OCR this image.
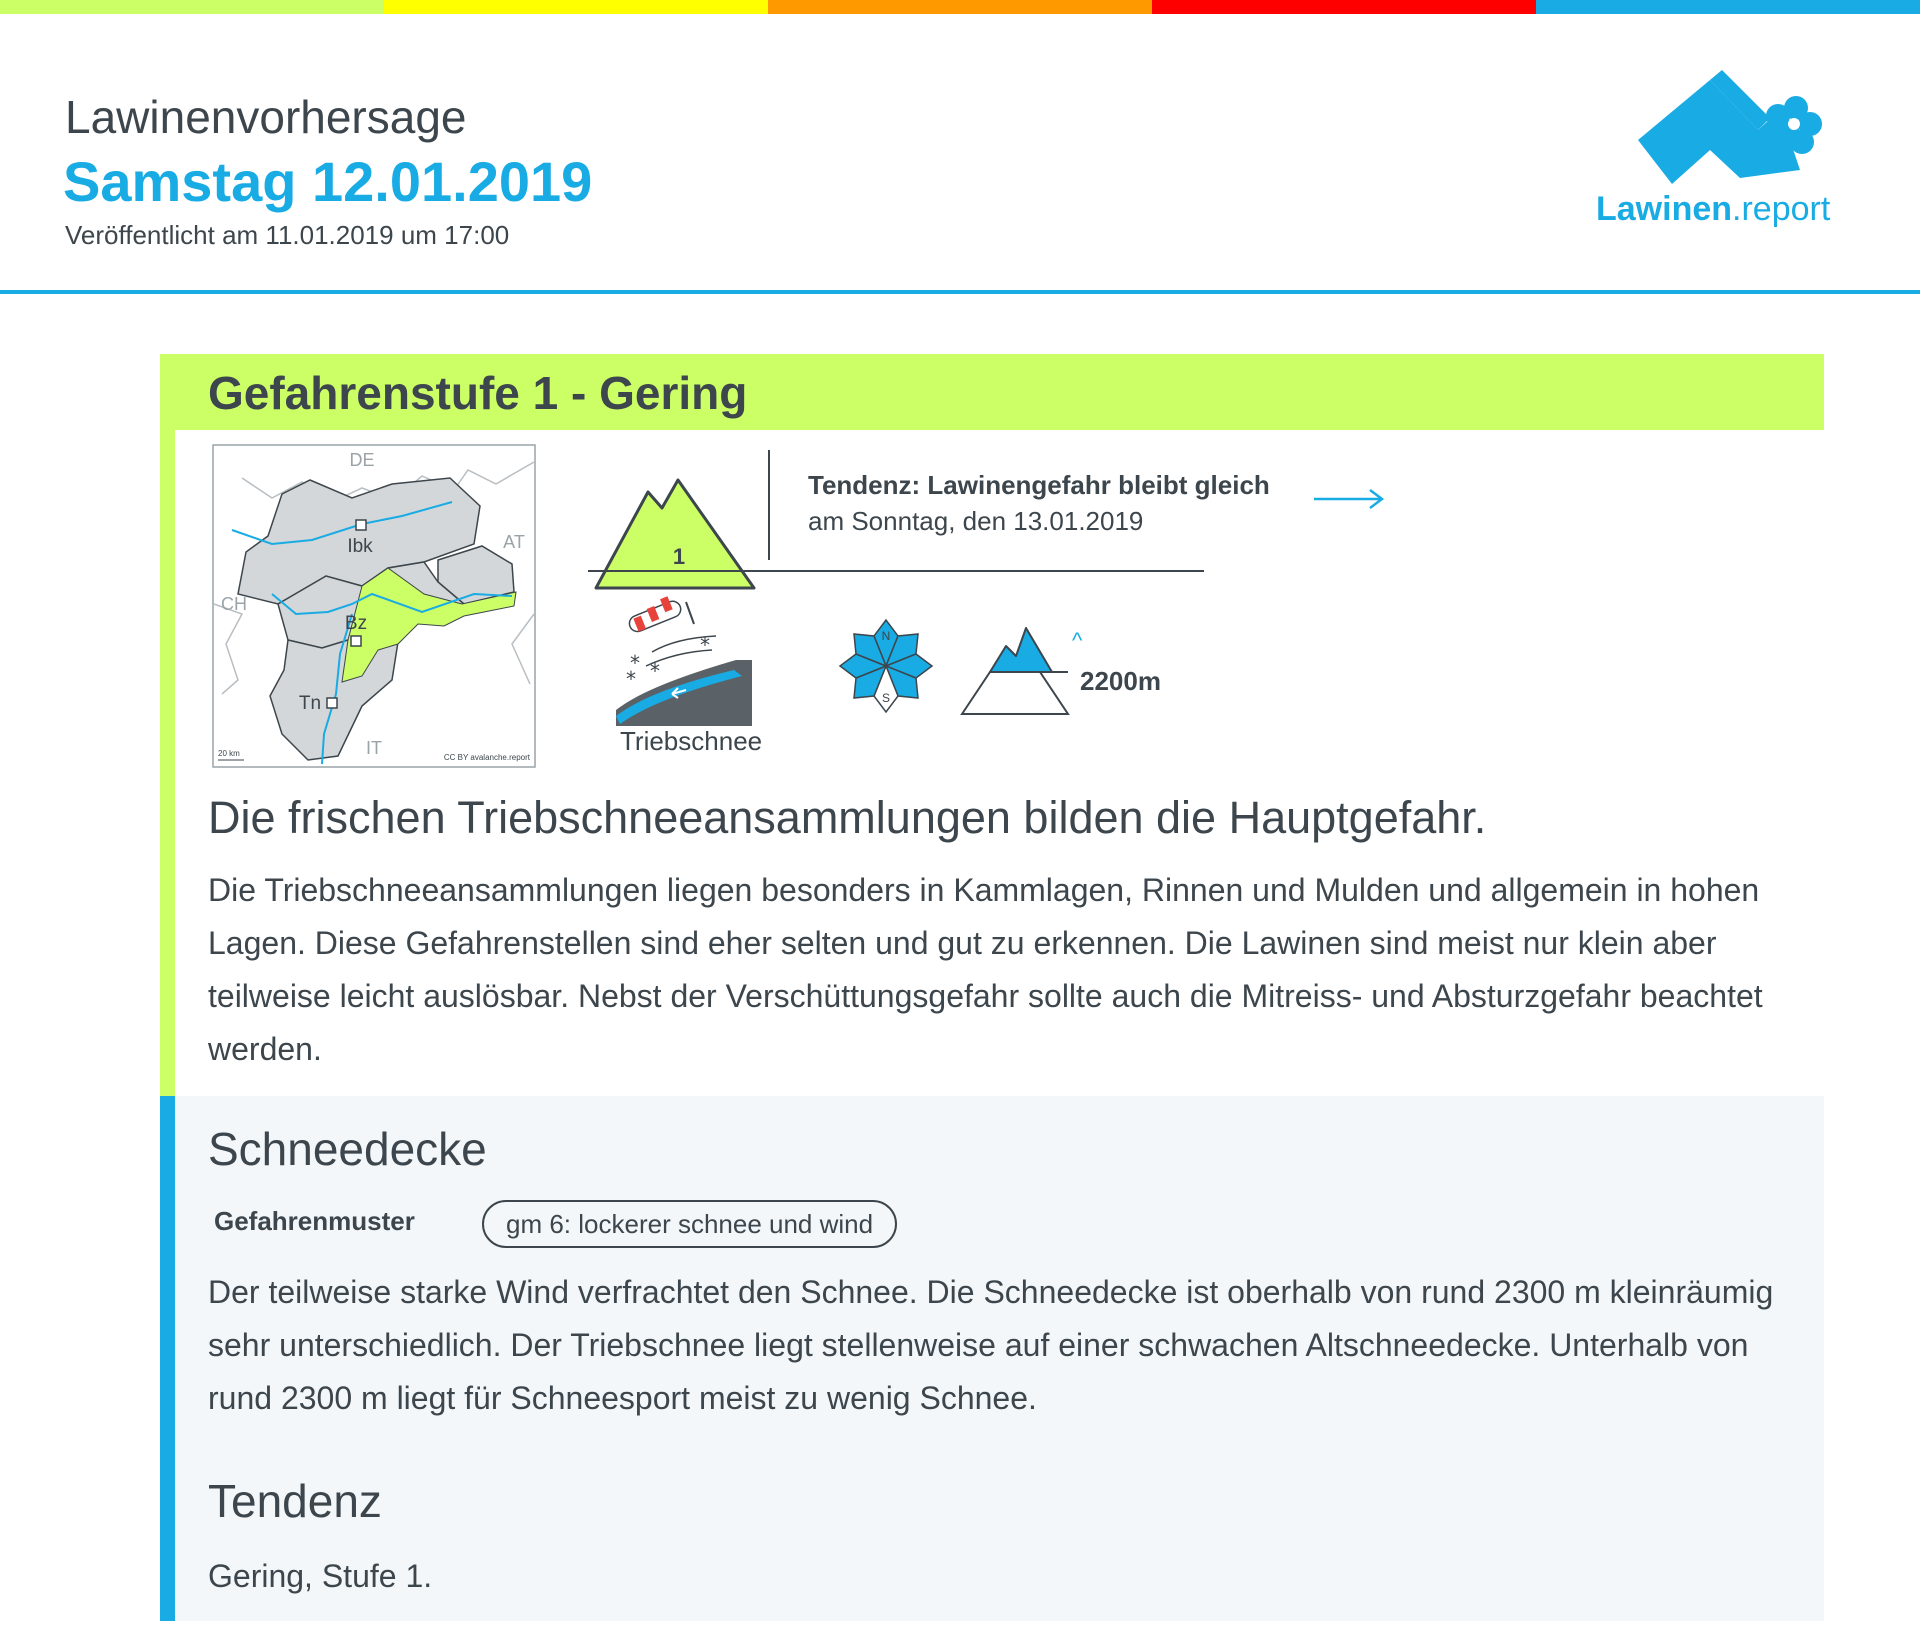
Lawinenvorhersage
Samstag 12.01.2019
Veröffentlicht am 11.01.2019 um 17:00
Lawinen.report
Gefahrenstufe 1 - Gering
DE
AT
CH
IT
Ibk
Bz
Tn
20 km	CC BY avalanche.report
1
Tendenz: Lawinengefahr bleibt gleich
am Sonntag, den 13.01.2019
*
* *
*
Triebschnee
N
S
^
2200m
Die frischen Triebschneeansammlungen bilden die Hauptgefahr.
Die Triebschneeansammlungen liegen besonders in Kammlagen, Rinnen und Mulden und allgemein in hohen Lagen. Diese Gefahrenstellen sind eher selten und gut zu erkennen. Die Lawinen sind meist nur klein aber teilweise leicht auslösbar. Nebst der Verschüttungsgefahr sollte auch die Mitreiss- und Absturzgefahr beachtet werden.
Schneedecke
Gefahrenmuster	gm 6: lockerer schnee und wind
Der teilweise starke Wind verfrachtet den Schnee. Die Schneedecke ist oberhalb von rund 2300 m kleinräumig sehr unterschiedlich. Der Triebschnee liegt stellenweise auf einer schwachen Altschneedecke. Unterhalb von rund 2300 m liegt für Schneesport meist zu wenig Schnee.
Tendenz
Gering, Stufe 1.
